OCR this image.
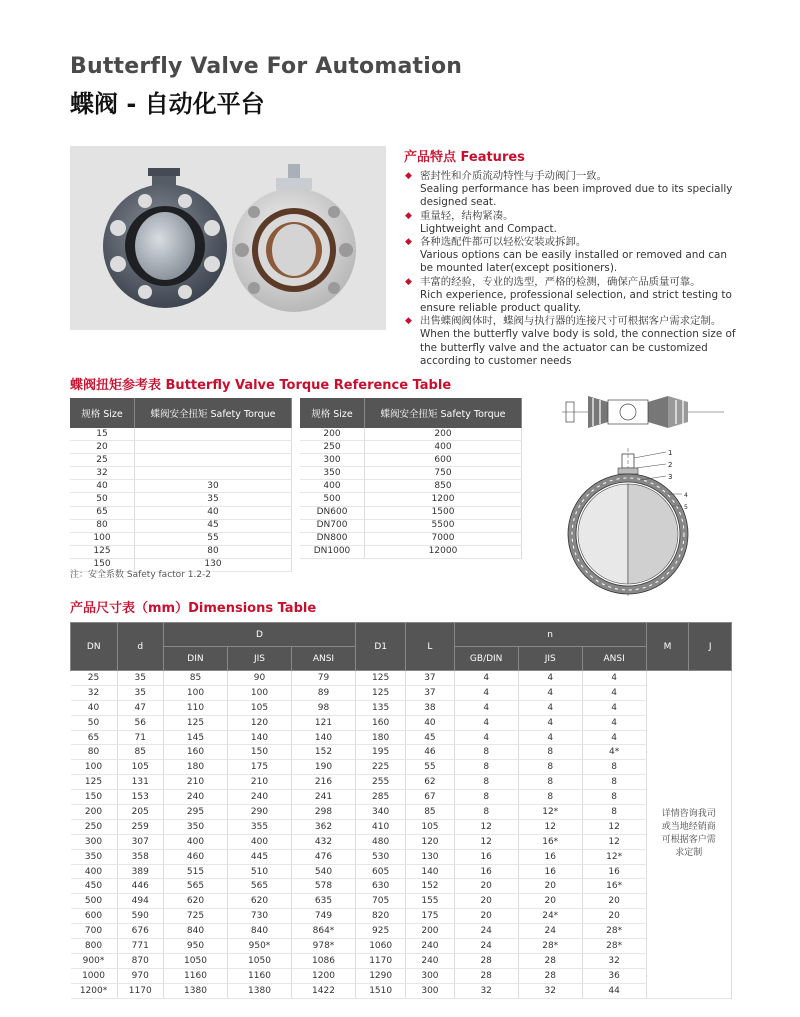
Butterfly Valve For Automation
蝶阀 - 自动化平台
产品特点 Features
◆ 密封性和介质流动特性与手动阀门一致。
Sealing performance has been improved due to its specially designed seat.
◆ 重量轻，结构紧凑。
Lightweight and Compact.
◆ 各种选配件都可以轻松安装或拆卸。
Various options can be easily installed or removed and can be mounted later(except positioners).
◆ 丰富的经验，专业的选型，严格的检测，确保产品质量可靠。
Rich experience, professional selection, and strict testing to ensure reliable product quality.
◆ 出售蝶阀阀体时，蝶阀与执行器的连接尺寸可根据客户需求定制。
When the butterfly valve body is sold, the connection size of the butterfly valve and the actuator can be customized according to customer needs
蝶阀扭矩参考表 Butterfly Valve Torque Reference Table
规格 Size	蝶阀安全扭矩 Safety Torque
15	
20	
25	
32	
40	30
50	35
65	40
80	45
100	55
125	80
150	130
规格 Size	蝶阀安全扭矩 Safety Torque
200	200
250	400
300	600
350	750
400	850
500	1200
DN600	1500
DN700	5500
DN800	7000
DN1000	12000
注：安全系数 Safety factor 1.2-2
1
2
3
4
5
产品尺寸表（mm）Dimensions Table
DN	d	D			D1	L	n			M	J
		DIN	JIS	ANSI			GB/DIN	JIS	ANSI		
25	35	85	90	79	125	37	4	4	4	详情咨询我司或当地经销商可根据客户需求定制	

32	35	100	100	89	125	37	4	4	4		
40	47	110	105	98	135	38	4	4	4		
50	56	125	120	121	160	40	4	4	4		
65	71	145	140	140	180	45	4	4	4		
80	85	160	150	152	195	46	8	8	4*		
100	105	180	175	190	225	55	8	8	8		
125	131	210	210	216	255	62	8	8	8		
150	153	240	240	241	285	67	8	8	8		
200	205	295	290	298	340	85	8	12*	8		
250	259	350	355	362	410	105	12	12	12		
300	307	400	400	432	480	120	12	16*	12		
350	358	460	445	476	530	130	16	16	12*		
400	389	515	510	540	605	140	16	16	16		
450	446	565	565	578	630	152	20	20	16*		
500	494	620	620	635	705	155	20	20	20		
600	590	725	730	749	820	175	20	24*	20		
700	676	840	840	864*	925	200	24	24	28*		
800	771	950	950*	978*	1060	240	24	28*	28*		
900*	870	1050	1050	1086	1170	240	28	28	32		
1000	970	1160	1160	1200	1290	300	28	28	36		
1200*	1170	1380	1380	1422	1510	300	32	32	44		
